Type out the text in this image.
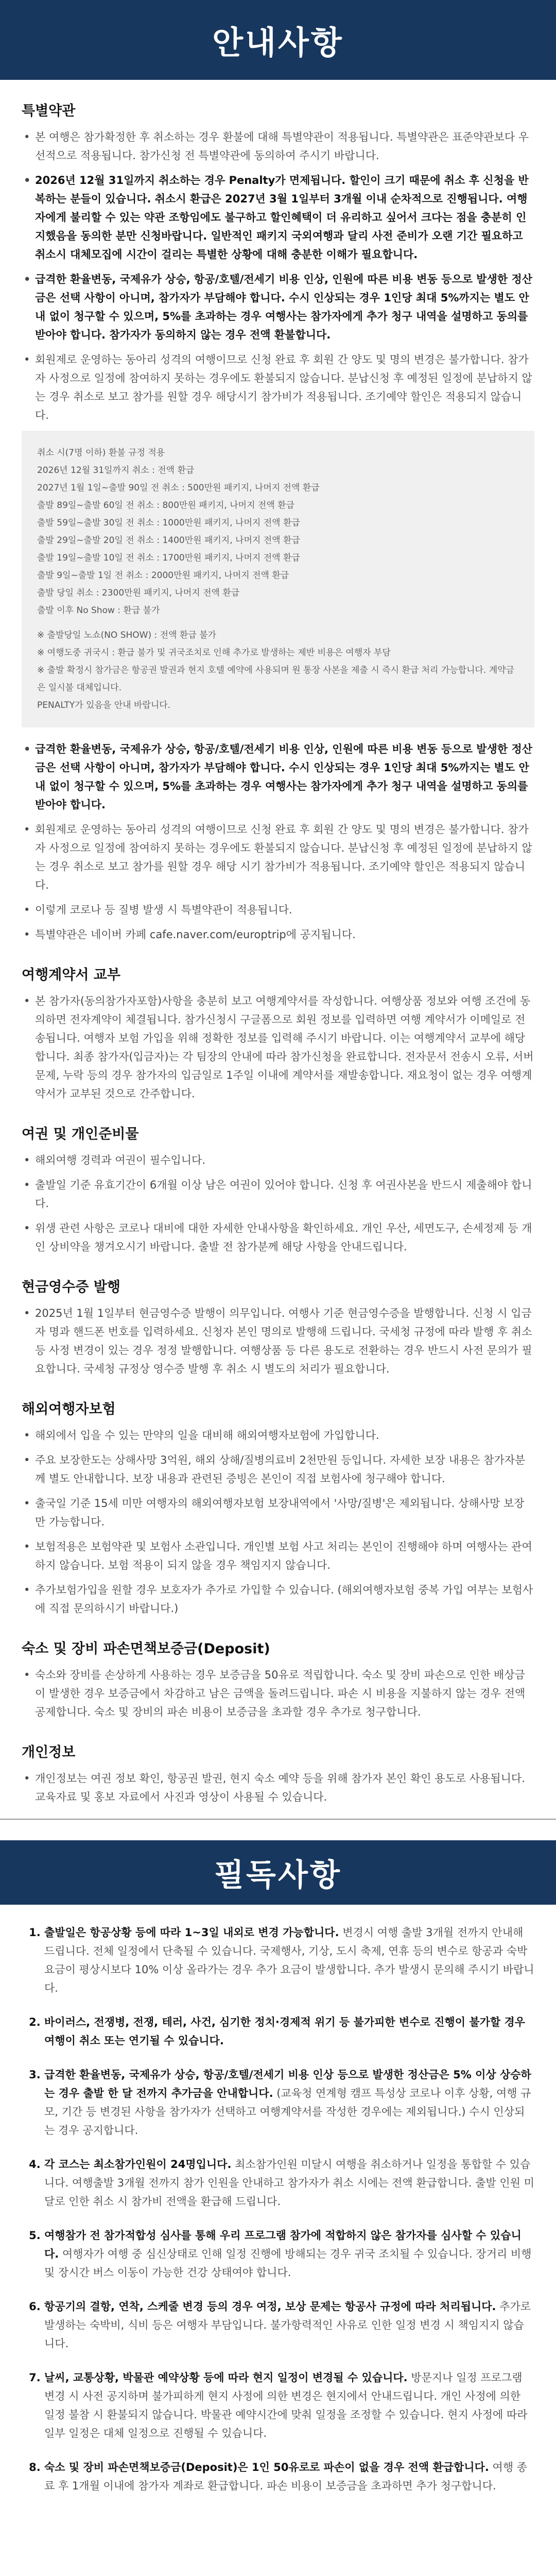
안내사항
특별약관
• 본 여행은 참가확정한 후 취소하는 경우 환불에 대해 특별약관이 적용됩니다. 특별약관은 표준약관보다 우선적으로 적용됩니다. 참가신청 전 특별약관에 동의하여 주시기 바랍니다.
• 2026년 12월 31일까지 취소하는 경우 Penalty가 면제됩니다. 할인이 크기 때문에 취소 후 신청을 반복하는 분들이 있습니다. 취소시 환급은 2027년 3월 1일부터 3개월 이내 순차적으로 진행됩니다. 여행자에게 불리할 수 있는 약관 조항임에도 불구하고 할인혜택이 더 유리하고 싶어서 크다는 점을 충분히 인지했음을 동의한 분만 신청바랍니다. 일반적인 패키지 국외여행과 달리 사전 준비가 오랜 기간 필요하고 취소시 대체모집에 시간이 걸리는 특별한 상황에 대해 충분한 이해가 필요합니다.
• 급격한 환율변동, 국제유가 상승, 항공/호텔/전세기 비용 인상, 인원에 따른 비용 변동 등으로 발생한 정산금은 선택 사항이 아니며, 참가자가 부담해야 합니다. 수시 인상되는 경우 1인당 최대 5%까지는 별도 안내 없이 청구할 수 있으며, 5%를 초과하는 경우 여행사는 참가자에게 추가 청구 내역을 설명하고 동의를 받아야 합니다. 참가자가 동의하지 않는 경우 전액 환불합니다.
• 회원제로 운영하는 동아리 성격의 여행이므로 신청 완료 후 회원 간 양도 및 명의 변경은 불가합니다. 참가자 사정으로 일정에 참여하지 못하는 경우에도 환불되지 않습니다. 분납신청 후 예정된 일정에 분납하지 않는 경우 취소로 보고 참가를 원할 경우 해당시기 참가비가 적용됩니다. 조기예약 할인은 적용되지 않습니다.

취소 시(7명 이하) 환불 규정 적용

2026년 12월 31일까지 취소 : 전액 환급

2027년 1월 1일~출발 90일 전 취소 : 500만원 패키지, 나머지 전액 환급

출발 89일~출발 60일 전 취소 : 800만원 패키지, 나머지 전액 환급

출발 59일~출발 30일 전 취소 : 1000만원 패키지, 나머지 전액 환급

출발 29일~출발 20일 전 취소 : 1400만원 패키지, 나머지 전액 환급

출발 19일~출발 10일 전 취소 : 1700만원 패키지, 나머지 전액 환급

출발 9일~출발 1일 전 취소 : 2000만원 패키지, 나머지 전액 환급

출발 당일 취소 : 2300만원 패키지, 나머지 전액 환급

출발 이후 No Show : 환급 불가

※ 출발당일 노쇼(NO SHOW) : 전액 환급 불가

※ 여행도중 귀국시 : 환급 불가 및 귀국조치로 인해 추가로 발생하는 제반 비용은 여행자 부담

※ 출발 확정시 참가금은 항공권 발권과 현지 호텔 예약에 사용되며 원 통장 사본을 제출 시 즉시 환급 처리 가능합니다. 계약금은 일시불 대체입니다.

PENALTY가 있음을 안내 바랍니다.

• 급격한 환율변동, 국제유가 상승, 항공/호텔/전세기 비용 인상, 인원에 따른 비용 변동 등으로 발생한 정산금은 선택 사항이 아니며, 참가자가 부담해야 합니다. 수시 인상되는 경우 1인당 최대 5%까지는 별도 안내 없이 청구할 수 있으며, 5%를 초과하는 경우 여행사는 참가자에게 추가 청구 내역을 설명하고 동의를 받아야 합니다.
• 회원제로 운영하는 동아리 성격의 여행이므로 신청 완료 후 회원 간 양도 및 명의 변경은 불가합니다. 참가자 사정으로 일정에 참여하지 못하는 경우에도 환불되지 않습니다. 분납신청 후 예정된 일정에 분납하지 않는 경우 취소로 보고 참가를 원할 경우 해당 시기 참가비가 적용됩니다. 조기예약 할인은 적용되지 않습니다.
• 이렇게 코로나 등 질병 발생 시 특별약관이 적용됩니다.
• 특별약관은 네이버 카페 cafe.naver.com/europtrip에 공지됩니다.
여행계약서 교부
• 본 참가자(동의참가자포함)사항을 충분히 보고 여행계약서를 작성합니다. 여행상품 정보와 여행 조건에 동의하면 전자계약이 체결됩니다. 참가신청시 구글폼으로 회원 정보를 입력하면 여행 계약서가 이메일로 전송됩니다. 여행자 보험 가입을 위해 정확한 정보를 입력해 주시기 바랍니다. 이는 여행계약서 교부에 해당합니다. 최종 참가자(입금자)는 각 팀장의 안내에 따라 참가신청을 완료합니다. 전자문서 전송시 오류, 서버문제, 누락 등의 경우 참가자의 입금일로 1주일 이내에 계약서를 재발송합니다. 재요청이 없는 경우 여행계약서가 교부된 것으로 간주합니다.
여권 및 개인준비물
• 해외여행 경력과 여권이 필수입니다.
• 출발일 기준 유효기간이 6개월 이상 남은 여권이 있어야 합니다. 신청 후 여권사본을 반드시 제출해야 합니다.
• 위생 관련 사항은 코로나 대비에 대한 자세한 안내사항을 확인하세요. 개인 우산, 세면도구, 손세정제 등 개인 상비약을 챙겨오시기 바랍니다. 출발 전 참가분께 해당 사항을 안내드립니다.
현금영수증 발행
• 2025년 1월 1일부터 현금영수증 발행이 의무입니다. 여행사 기준 현금영수증을 발행합니다. 신청 시 입금자 명과 핸드폰 번호를 입력하세요. 신청자 본인 명의로 발행해 드립니다. 국세청 규정에 따라 발행 후 취소 등 사정 변경이 있는 경우 정정 발행합니다. 여행상품 등 다른 용도로 전환하는 경우 반드시 사전 문의가 필요합니다. 국세청 규정상 영수증 발행 후 취소 시 별도의 처리가 필요합니다.
해외여행자보험
• 해외에서 입을 수 있는 만약의 일을 대비해 해외여행자보험에 가입합니다.
• 주요 보장한도는 상해사망 3억원, 해외 상해/질병의료비 2천만원 등입니다. 자세한 보장 내용은 참가자분께 별도 안내합니다. 보장 내용과 관련된 증빙은 본인이 직접 보험사에 청구해야 합니다.
• 출국일 기준 15세 미만 여행자의 해외여행자보험 보장내역에서 '사망/질병'은 제외됩니다. 상해사망 보장만 가능합니다.
• 보험적용은 보험약관 및 보험사 소관입니다. 개인별 보험 사고 처리는 본인이 진행해야 하며 여행사는 관여하지 않습니다. 보험 적용이 되지 않을 경우 책임지지 않습니다.
• 추가보험가입을 원할 경우 보호자가 추가로 가입할 수 있습니다. (해외여행자보험 중복 가입 여부는 보험사에 직접 문의하시기 바랍니다.)
숙소 및 장비 파손면책보증금(Deposit)
• 숙소와 장비를 손상하게 사용하는 경우 보증금을 50유로 적립합니다. 숙소 및 장비 파손으로 인한 배상금이 발생한 경우 보증금에서 차감하고 남은 금액을 돌려드립니다. 파손 시 비용을 지불하지 않는 경우 전액 공제합니다. 숙소 및 장비의 파손 비용이 보증금을 초과할 경우 추가로 청구합니다.
개인정보
• 개인정보는 여권 정보 확인, 항공권 발권, 현지 숙소 예약 등을 위해 참가자 본인 확인 용도로 사용됩니다. 교육자료 및 홍보 자료에서 사진과 영상이 사용될 수 있습니다.
필독사항
1. 출발일은 항공상황 등에 따라 1~3일 내외로 변경 가능합니다. 변경시 여행 출발 3개월 전까지 안내해 드립니다. 전체 일정에서 단축될 수 있습니다. 국제행사, 기상, 도시 축제, 연휴 등의 변수로 항공과 숙박 요금이 평상시보다 10% 이상 올라가는 경우 추가 요금이 발생합니다. 추가 발생시 문의해 주시기 바랍니다.
2. 바이러스, 전쟁병, 전쟁, 테러, 사건, 심기한 정치·경제적 위기 등 불가피한 변수로 진행이 불가할 경우 여행이 취소 또는 연기될 수 있습니다.
3. 급격한 환율변동, 국제유가 상승, 항공/호텔/전세기 비용 인상 등으로 발생한 정산금은 5% 이상 상승하는 경우 출발 한 달 전까지 추가금을 안내합니다. (교육청 연계형 캠프 특성상 코로나 이후 상황, 여행 규모, 기간 등 변경된 사항을 참가자가 선택하고 여행계약서를 작성한 경우에는 제외됩니다.) 수시 인상되는 경우 공지합니다.
4. 각 코스는 최소참가인원이 24명입니다. 최소참가인원 미달시 여행을 취소하거나 일정을 통합할 수 있습니다. 여행출발 3개월 전까지 참가 인원을 안내하고 참가자가 취소 시에는 전액 환급합니다. 출발 인원 미달로 인한 취소 시 참가비 전액을 환급해 드립니다.
5. 여행참가 전 참가적합성 심사를 통해 우리 프로그램 참가에 적합하지 않은 참가자를 심사할 수 있습니다. 여행자가 여행 중 심신상태로 인해 일정 진행에 방해되는 경우 귀국 조치될 수 있습니다. 장거리 비행 및 장시간 버스 이동이 가능한 건강 상태여야 합니다.
6. 항공기의 결항, 연착, 스케줄 변경 등의 경우 여정, 보상 문제는 항공사 규정에 따라 처리됩니다. 추가로 발생하는 숙박비, 식비 등은 여행자 부담입니다. 불가항력적인 사유로 인한 일정 변경 시 책임지지 않습니다.
7. 날씨, 교통상황, 박물관 예약상황 등에 따라 현지 일정이 변경될 수 있습니다. 방문지나 일정 프로그램 변경 시 사전 공지하며 불가피하게 현지 사정에 의한 변경은 현지에서 안내드립니다. 개인 사정에 의한 일정 불참 시 환불되지 않습니다. 박물관 예약시간에 맞춰 일정을 조정할 수 있습니다. 현지 사정에 따라 일부 일정은 대체 일정으로 진행될 수 있습니다.
8. 숙소 및 장비 파손면책보증금(Deposit)은 1인 50유로로 파손이 없을 경우 전액 환급합니다. 여행 종료 후 1개월 이내에 참가자 계좌로 환급합니다. 파손 비용이 보증금을 초과하면 추가 청구합니다.
